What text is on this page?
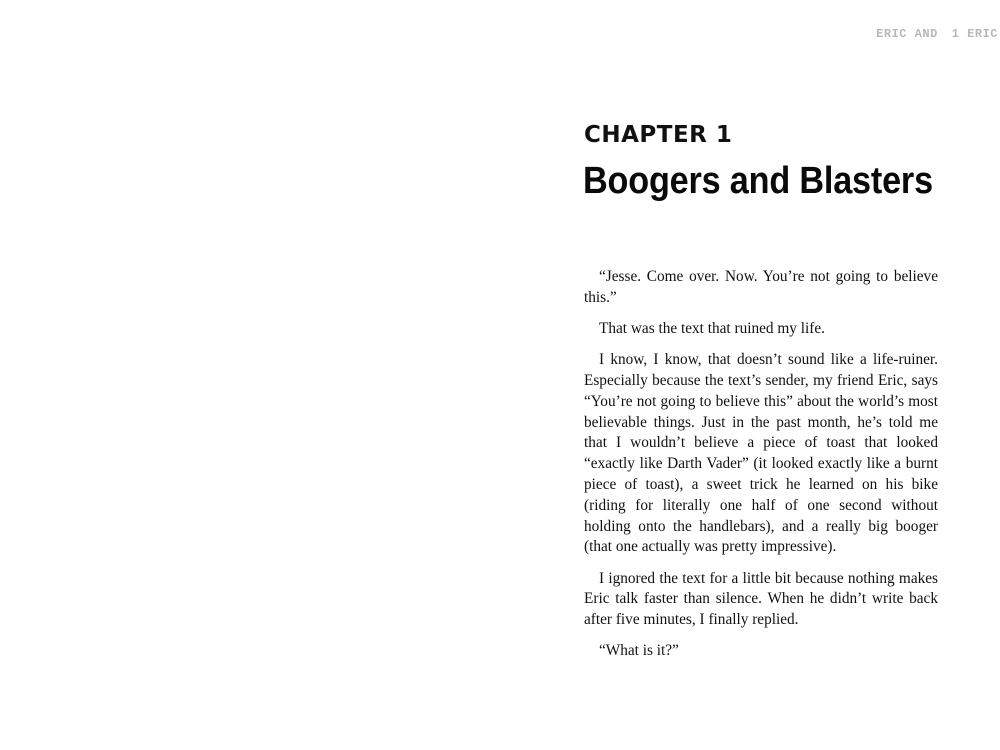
ERIC AND 1 ERIC
CHAPTER 1
Boogers and Blasters

“Jesse. Come over. Now. You’re not going to believe this.”

That was the text that ruined my life.

I know, I know, that doesn’t sound like a life-ruiner. Especially because the text’s sender, my friend Eric, says “You’re not going to believe this” about the world’s most believable things. Just in the past month, he’s told me that I wouldn’t believe a piece of toast that looked “exactly like Darth Vader” (it looked exactly like a burnt piece of toast), a sweet trick he learned on his bike (riding for literally one half of one second without holding onto the handlebars), and a really big booger (that one actually was pretty impressive).

I ignored the text for a little bit because nothing makes Eric talk faster than silence. When he didn’t write back after five minutes, I finally replied.

“What is it?”
